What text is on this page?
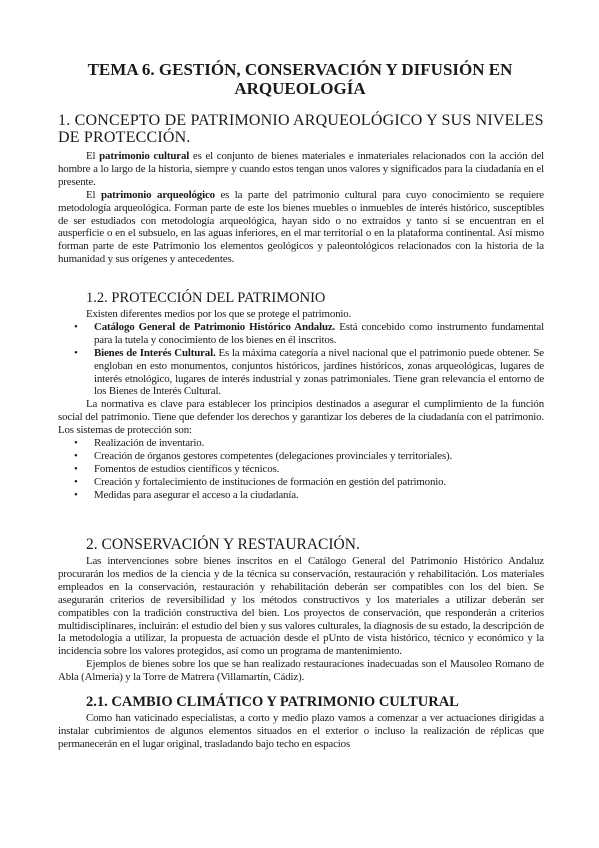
TEMA 6. GESTIÓN, CONSERVACIÓN Y DIFUSIÓN EN ARQUEOLOGÍA
1. CONCEPTO DE PATRIMONIO ARQUEOLÓGICO Y SUS NIVELES DE PROTECCIÓN.

El patrimonio cultural es el conjunto de bienes materiales e inmateriales relacionados con la acción del hombre a lo largo de la historia, siempre y cuando estos tengan unos valores y significados para la ciudadanía en el presente.

El patrimonio arqueológico es la parte del patrimonio cultural para cuyo conocimiento se requiere metodología arqueológica. Forman parte de este los bienes muebles o inmuebles de interés histórico, susceptibles de ser estudiados con metodología arqueológica, hayan sido o no extraídos y tanto si se encuentran en el ausperficie o en el subsuelo, en las aguas inferiores, en el mar territorial o en la plataforma continental. Así mismo forman parte de este Patrimonio los elementos geológicos y paleontológicos relacionados con la historia de la humanidad y sus orígenes y antecedentes.

1.2. PROTECCIÓN DEL PATRIMONIO

Existen diferentes medios por los que se protege el patrimonio.

• Catálogo General de Patrimonio Histórico Andaluz. Está concebido como instrumento fundamental para la tutela y conocimiento de los bienes en él inscritos.
• Bienes de Interés Cultural. Es la máxima categoría a nivel nacional que el patrimonio puede obtener. Se engloban en esto monumentos, conjuntos históricos, jardines históricos, zonas arqueológicas, lugares de interés etnológico, lugares de interés industrial y zonas patrimoniales. Tiene gran relevancia el entorno de los Bienes de Interés Cultural.

La normativa es clave para establecer los principios destinados a asegurar el cumplimiento de la función social del patrimonio. Tiene que defender los derechos y garantizar los deberes de la ciudadanía con el patrimonio. Los sistemas de protección son:

• Realización de inventario.
• Creación de órganos gestores competentes (delegaciones provinciales y territoriales).
• Fomentos de estudios científicos y técnicos.
• Creación y fortalecimiento de instituciones de formación en gestión del patrimonio.
• Medidas para asegurar el acceso a la ciudadanía.
2. CONSERVACIÓN Y RESTAURACIÓN.

Las intervenciones sobre bienes inscritos en el Catálogo General del Patrimonio Histórico Andaluz procurarán los medios de la ciencia y de la técnica su conservación, restauración y rehabilitación. Los materiales empleados en la conservación, restauración y rehabilitación deberán ser compatibles con los del bien. Se asegurarán criterios de reversibilidad y los métodos constructivos y los materiales a utilizar deberán ser compatibles con la tradición constructiva del bien. Los proyectos de conservación, que responderán a criterios multidisciplinares, incluirán: el estudio del bien y sus valores culturales, la diagnosis de su estado, la descripción de la metodología a utilizar, la propuesta de actuación desde el pUnto de vista histórico, técnico y económico y la incidencia sobre los valores protegidos, así como un programa de mantenimiento.

Ejemplos de bienes sobre los que se han realizado restauraciones inadecuadas son el Mausoleo Romano de Abla (Almería) y la Torre de Matrera (Villamartín, Cádiz).

2.1. CAMBIO CLIMÁTICO Y PATRIMONIO CULTURAL

Como han vaticinado especialistas, a corto y medio plazo vamos a comenzar a ver actuaciones dirigidas a instalar cubrimientos de algunos elementos situados en el exterior o incluso la realización de réplicas que permanecerán en el lugar original, trasladando bajo techo en espacios
